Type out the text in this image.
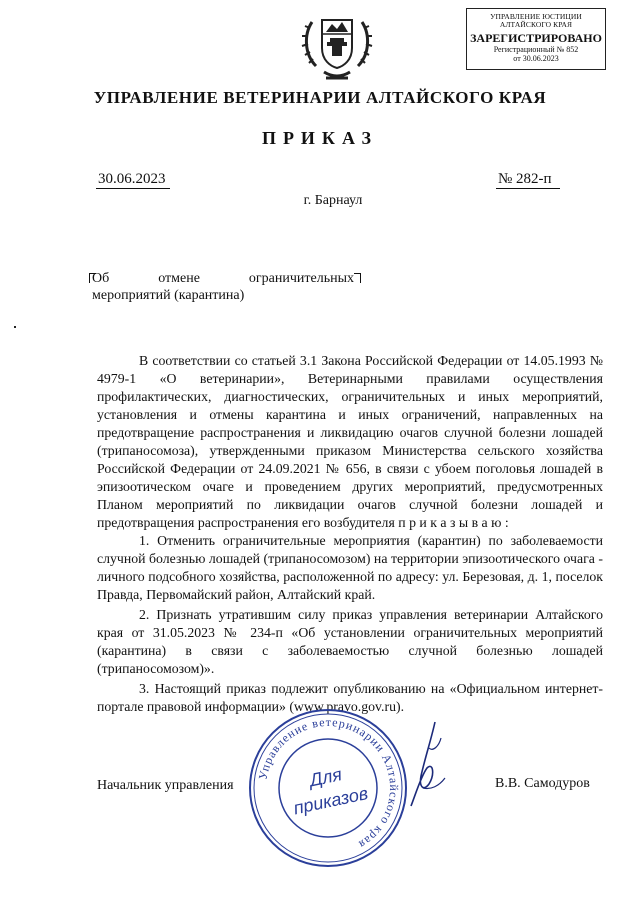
УПРАВЛЕНИЕ ЮСТИЦИИ
АЛТАЙСКОГО КРАЯ
ЗАРЕГИСТРИРОВАНО
Регистрационный № 852
от 30.06.2023
УПРАВЛЕНИЕ ВЕТЕРИНАРИИ АЛТАЙСКОГО КРАЯ
ПРИКАЗ
30.06.2023	№ 282-п
г. Барнаул
Об	отмене	ограничительных
мероприятий (карантина)

В соответствии со статьей 3.1 Закона Российской Федерации от 14.05.1993 № 4979-1 «О ветеринарии», Ветеринарными правилами осуществления профилактических, диагностических, ограничительных и иных мероприятий, установления и отмены карантина и иных ограничений, направленных на предотвращение распространения и ликвидацию очагов случной болезни лошадей (трипаносомоза), утвержденными приказом Министерства сельского хозяйства Российской Федерации от 24.09.2021 № 656, в связи с убоем поголовья лошадей в эпизоотическом очаге и проведением других мероприятий, предусмотренных Планом мероприятий по ликвидации очагов случной болезни лошадей и предотвращения распространения его возбудителя п р и к а з ы в а ю :

1. Отменить ограничительные мероприятия (карантин) по заболеваемости случной болезнью лошадей (трипаносомозом) на территории эпизоотического очага - личного подсобного хозяйства, расположенной по адресу: ул. Березовая, д. 1, поселок Правда, Первомайский район, Алтайский край.

2. Признать утратившим силу приказ управления ветеринарии Алтайского края от 31.05.2023 № 234-п «Об установлении ограничительных мероприятий (карантина) в связи с заболеваемостью случной болезнью лошадей (трипаносомозом)».

3. Настоящий приказ подлежит опубликованию на «Официальном интернет-портале правовой информации» (www.pravo.gov.ru).

Начальник управления	В.В. Самодуров
Управление ветеринарии Алтайского края
Для
приказов
